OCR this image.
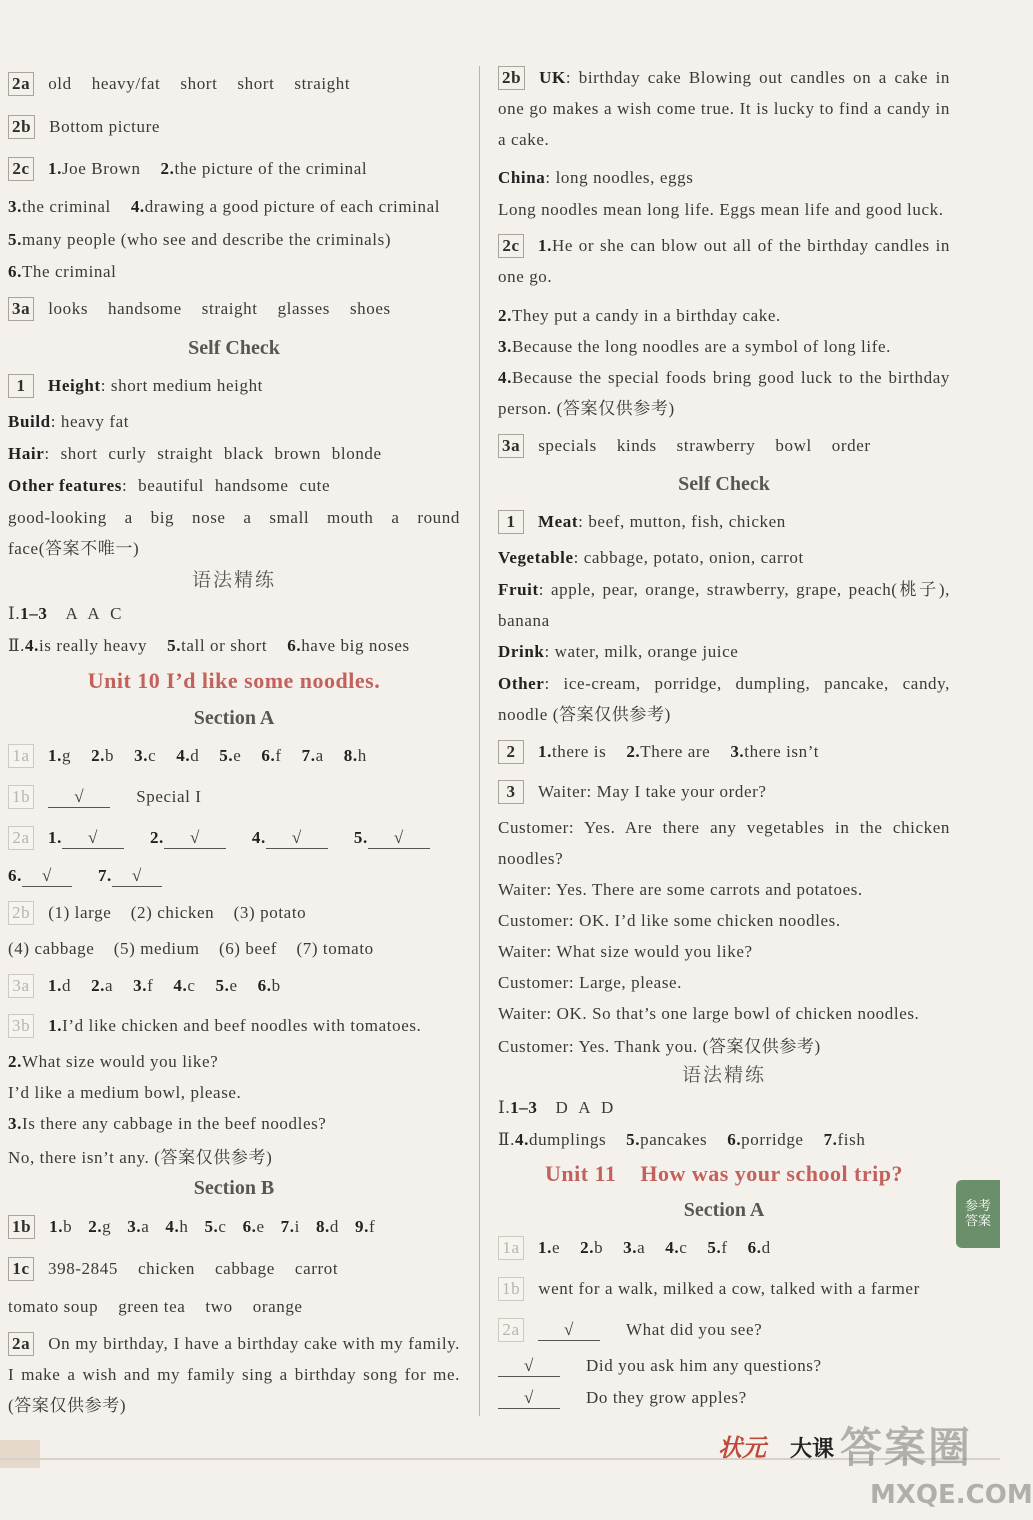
2a old heavy/fat short short straight
2b Bottom picture
2c 1. Joe Brown 2. the picture of the criminal
3. the criminal 4. drawing a good picture of each criminal
5. many people (who see and describe the criminals)
6. The criminal
3a looks handsome straight glasses shoes
Self Check
1	Height : short medium height
Build : heavy fat
Hair : short curly straight black brown blonde
Other features : beautiful handsome cute
good-looking a big nose a small mouth a round face(答案不唯一)
语法精练
Ⅰ. 1–3 A A C
Ⅱ. 4. is really heavy 5. tall or short 6. have big noses
Unit 10 I’d like some noodles.
Section A
1a 1. g 2. b 3. c 4. d 5. e 6. f 7. a 8. h
1b	√	Special I
2a 1.	√	2.	√	4.	√	5.	√
6.	√	7.	√
2b (1) large    (2) chicken    (3) potato
(4) cabbage    (5) medium    (6) beef    (7) tomato
3a 1. d 2. a 3. f 4. c 5. e 6. b
3b 1. I’d like chicken and beef noodles with tomatoes.
2. What size would you like?
I’d like a medium bowl, please.
3. Is there any cabbage in the beef noodles?
No, there isn’t any. (答案仅供参考)
Section B
1b 1. b 2. g 3. a 4. h 5. c 6. e 7. i 8. d 9. f
1c 398-2845 chicken cabbage carrot
tomato soup green tea two orange
2a On my birthday, I have a birthday cake with my family. I make a wish and my family sing a birthday song for me. (答案仅供参考)
2b UK: birthday cake Blowing out candles on a cake in one go makes a wish come true. It is lucky to find a candy in a cake.
China : long noodles, eggs
Long noodles mean long life. Eggs mean life and good luck.
2c 1.He or she can blow out all of the birthday candles in one go.
2. They put a candy in a birthday cake.
3. Because the long noodles are a symbol of long life.
4.Because the special foods bring good luck to the birthday person. (答案仅供参考)
3a specials kinds strawberry bowl order
Self Check
1	Meat : beef, mutton, fish, chicken
Vegetable : cabbage, potato, onion, carrot
Fruit: apple, pear, orange, strawberry, grape, peach(桃子), banana
Drink : water, milk, orange juice
Other: ice-cream, porridge, dumpling, pancake, candy, noodle (答案仅供参考)
2	1. there is 2. There are 3. there isn’t
3	Waiter: May I take your order?
Customer: Yes. Are there any vegetables in the chicken noodles?
Waiter: Yes. There are some carrots and potatoes.
Customer: OK. I’d like some chicken noodles.
Waiter: What size would you like?
Customer: Large, please.
Waiter: OK. So that’s one large bowl of chicken noodles.
Customer: Yes. Thank you. (答案仅供参考)
语法精练
Ⅰ. 1–3 D A D
Ⅱ. 4. dumplings 5. pancakes 6. porridge 7. fish
Unit 11    How was your school trip?
Section A
1a 1. e 2. b 3. a 4. c 5. f 6. d
1b went for a walk, milked a cow, talked with a farmer
2a	√	What did you see?
√	Did you ask him any questions?
√	Do they grow apples?
参考答案
状元 大课 答案圈
MXQE.COM
